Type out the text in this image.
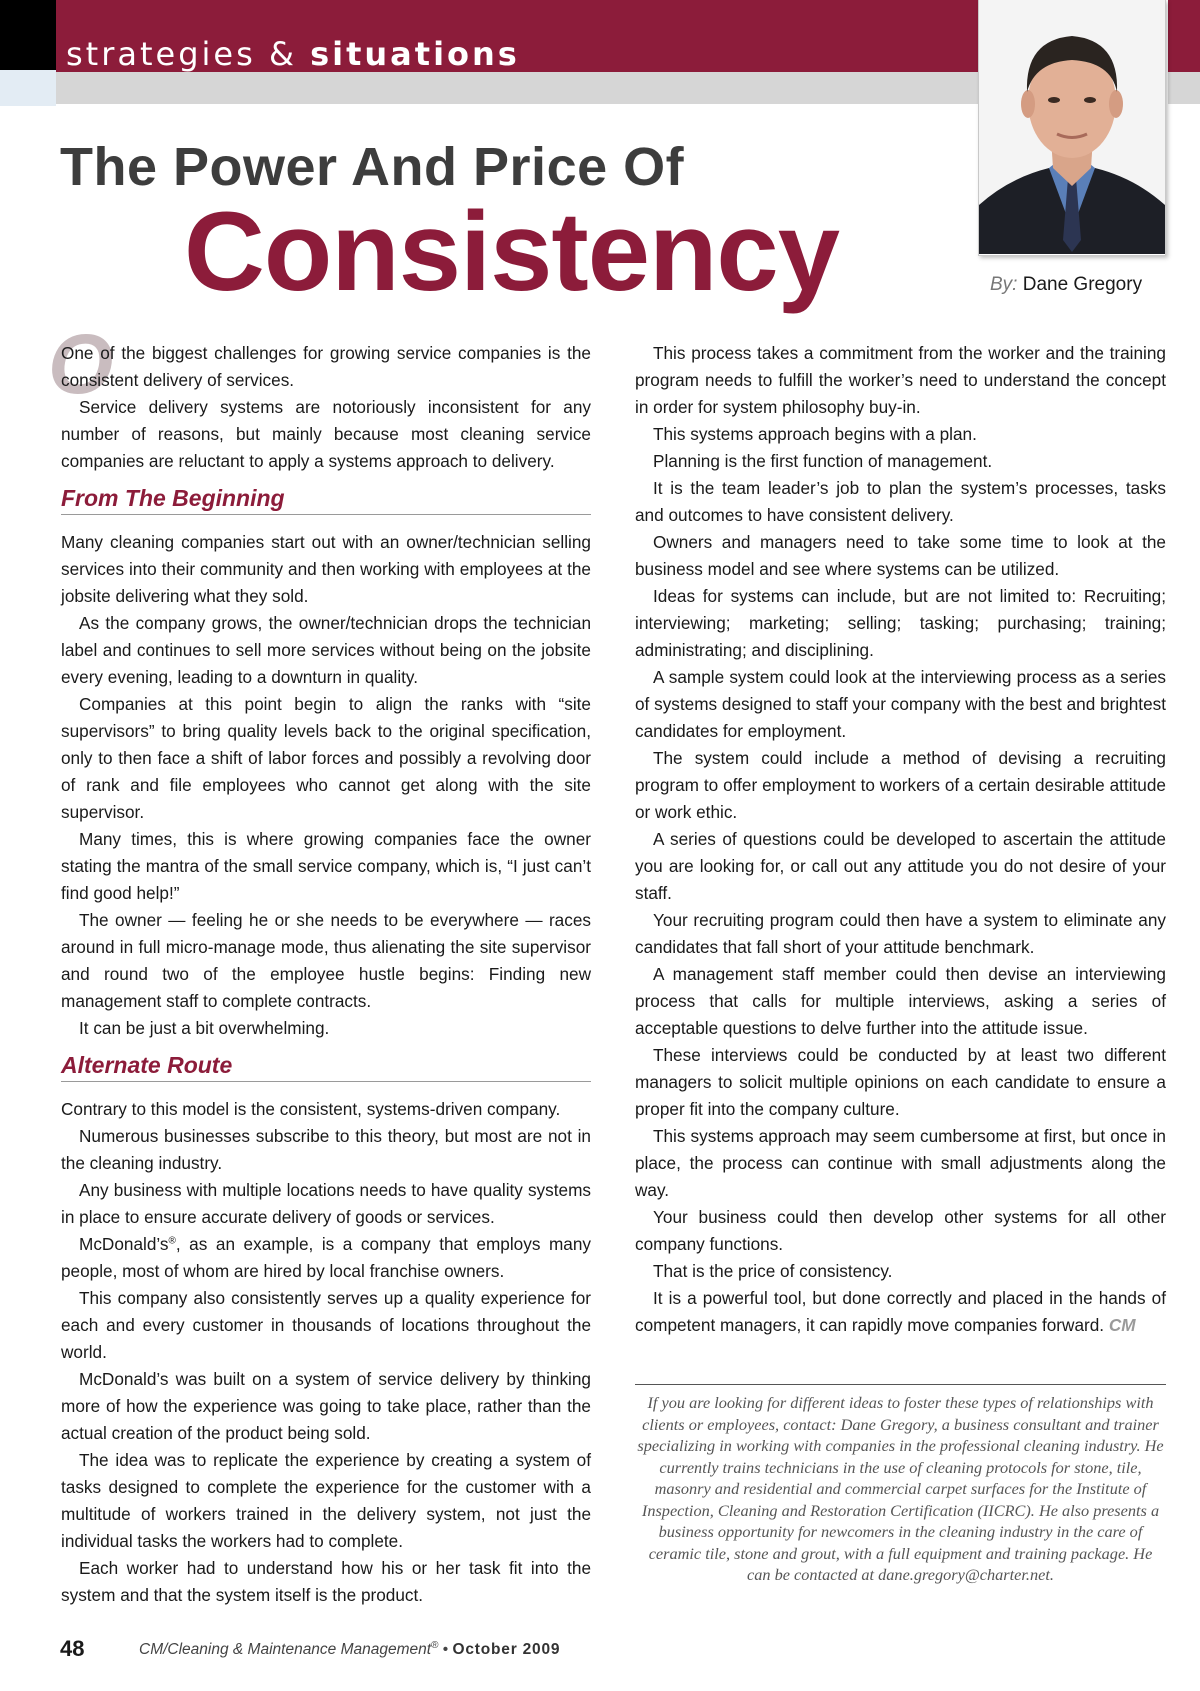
strategies & situations
The Power And Price Of
Consistency	By: Dane Gregory
O

One of the biggest challenges for growing service companies is the consistent delivery of services.

Service delivery systems are notoriously inconsistent for any number of reasons, but mainly because most cleaning service companies are reluctant to apply a systems approach to delivery.

From The Beginning

Many cleaning companies start out with an owner/technician selling services into their community and then working with employees at the jobsite delivering what they sold.

As the company grows, the owner/technician drops the technician label and continues to sell more services without being on the jobsite every evening, leading to a downturn in quality.

Companies at this point begin to align the ranks with “site supervisors” to bring quality levels back to the original specification, only to then face a shift of labor forces and possibly a revolving door of rank and file employees who cannot get along with the site supervisor.

Many times, this is where growing companies face the owner stating the mantra of the small service company, which is, “I just can’t find good help!”

The owner — feeling he or she needs to be everywhere — races around in full micro-manage mode, thus alienating the site supervisor and round two of the employee hustle begins: Finding new management staff to complete contracts.

It can be just a bit overwhelming.

Alternate Route

Contrary to this model is the consistent, systems-driven company.

Numerous businesses subscribe to this theory, but most are not in the cleaning industry.

Any business with multiple locations needs to have quality systems in place to ensure accurate delivery of goods or services.

McDonald’s®, as an example, is a company that employs many people, most of whom are hired by local franchise owners.

This company also consistently serves up a quality experience for each and every customer in thousands of locations throughout the world.

McDonald’s was built on a system of service delivery by thinking more of how the experience was going to take place, rather than the actual creation of the product being sold.

The idea was to replicate the experience by creating a system of tasks designed to complete the experience for the customer with a multitude of workers trained in the delivery system, not just the individual tasks the workers had to complete.

Each worker had to understand how his or her task fit into the system and that the system itself is the product.

This process takes a commitment from the worker and the training program needs to fulfill the worker’s need to understand the concept in order for system philosophy buy-in.

This systems approach begins with a plan.

Planning is the first function of management.

It is the team leader’s job to plan the system’s processes, tasks and outcomes to have consistent delivery.

Owners and managers need to take some time to look at the business model and see where systems can be utilized.

Ideas for systems can include, but are not limited to: Recruiting; interviewing; marketing; selling; tasking; purchasing; training; administrating; and disciplining.

A sample system could look at the interviewing process as a series of systems designed to staff your company with the best and brightest candidates for employment.

The system could include a method of devising a recruiting program to offer employment to workers of a certain desirable attitude or work ethic.

A series of questions could be developed to ascertain the attitude you are looking for, or call out any attitude you do not desire of your staff.

Your recruiting program could then have a system to eliminate any candidates that fall short of your attitude benchmark.

A management staff member could then devise an interviewing process that calls for multiple interviews, asking a series of acceptable questions to delve further into the attitude issue.

These interviews could be conducted by at least two different managers to solicit multiple opinions on each candidate to ensure a proper fit into the company culture.

This systems approach may seem cumbersome at first, but once in place, the process can continue with small adjustments along the way.

Your business could then develop other systems for all other company functions.

That is the price of consistency.

It is a powerful tool, but done correctly and placed in the hands of competent managers, it can rapidly move companies forward. CM

If you are looking for different ideas to foster these types of relationships with clients or employees, contact: Dane Gregory, a business consultant and trainer specializing in working with companies in the professional cleaning industry. He currently trains technicians in the use of cleaning protocols for stone, tile, masonry and residential and commercial carpet surfaces for the Institute of Inspection, Cleaning and Restoration Certification (IICRC). He also presents a business opportunity for newcomers in the cleaning industry in the care of ceramic tile, stone and grout, with a full equipment and training package. He can be contacted at dane.gregory@charter.net.
48	CM/Cleaning & Maintenance Management® • October 2009
